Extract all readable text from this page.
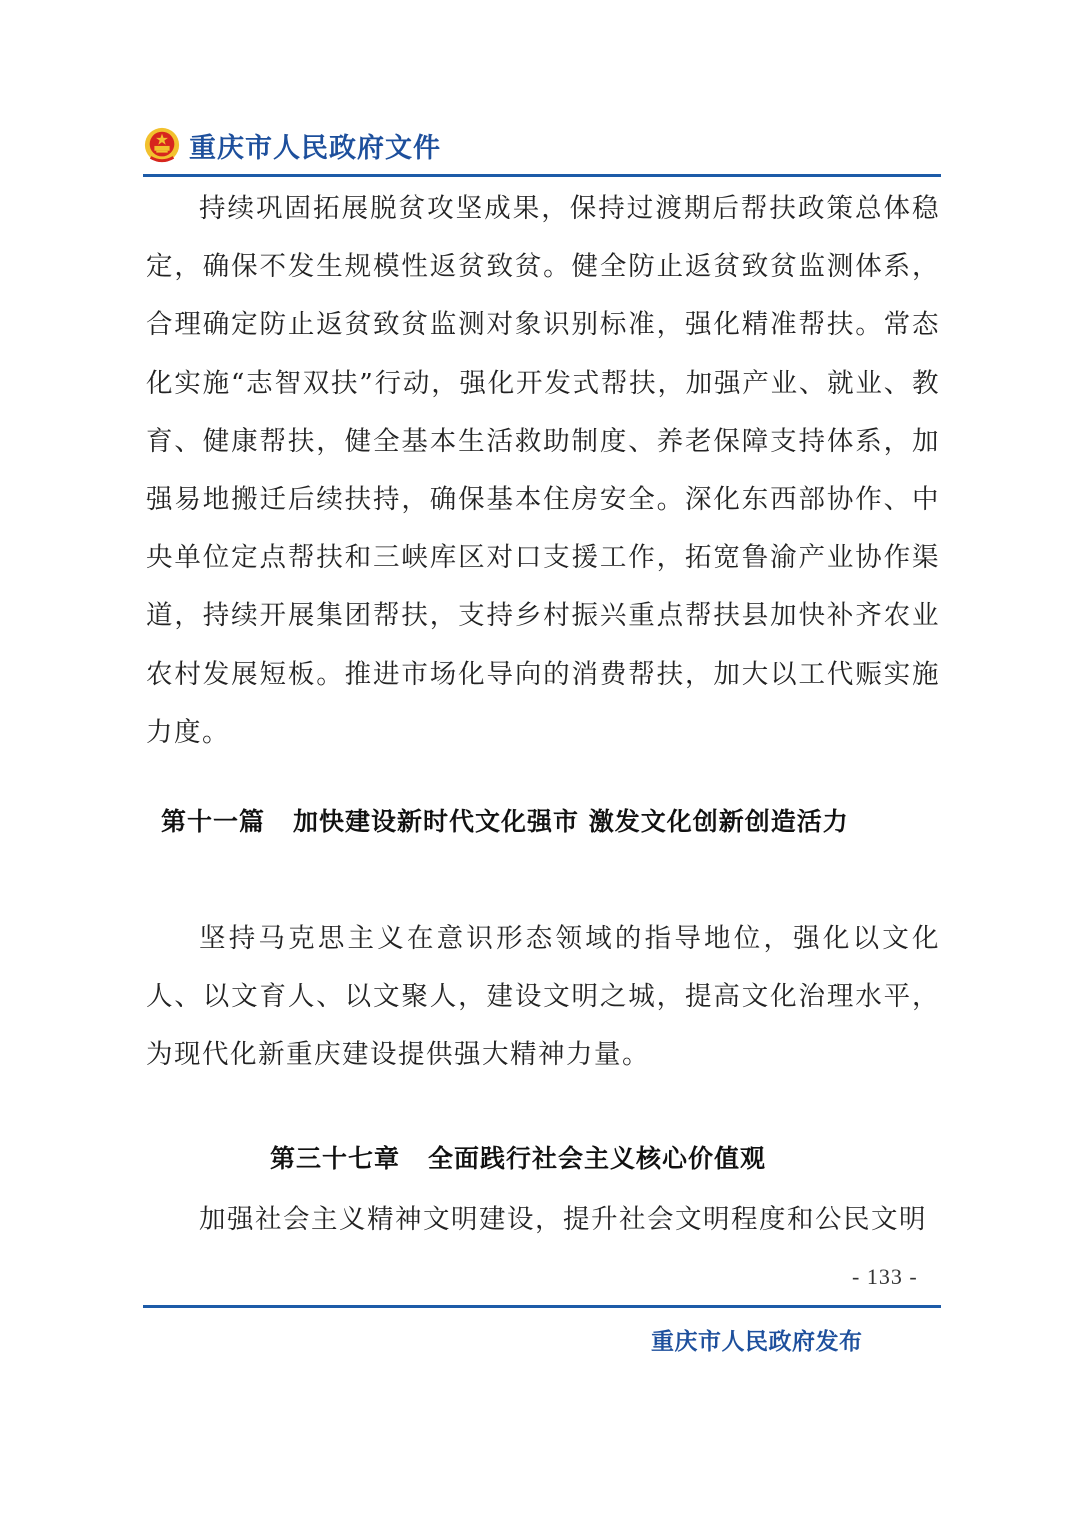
重庆市人民政府文件

持续巩固拓展脱贫攻坚成果，保持过渡期后帮扶政策总体稳定，确保不发生规模性返贫致贫。健全防止返贫致贫监测体系，合理确定防止返贫致贫监测对象识别标准，强化精准帮扶。常态化实施“志智双扶”行动，强化开发式帮扶，加强产业、就业、教育、健康帮扶，健全基本生活救助制度、养老保障支持体系，加强易地搬迁后续扶持，确保基本住房安全。深化东西部协作、中央单位定点帮扶和三峡库区对口支援工作，拓宽鲁渝产业协作渠道，持续开展集团帮扶，支持乡村振兴重点帮扶县加快补齐农业农村发展短板。推进市场化导向的消费帮扶，加大以工代赈实施力度。

第十一篇 加快建设新时代文化强市 激发文化创新创造活力

坚持马克思主义在意识形态领域的指导地位，强化以文化人、以文育人、以文聚人，建设文明之城，提高文化治理水平，为现代化新重庆建设提供强大精神力量。

第三十七章 全面践行社会主义核心价值观

加强社会主义精神文明建设，提升社会文明程度和公民文明

- 133 -
重庆市人民政府发布
